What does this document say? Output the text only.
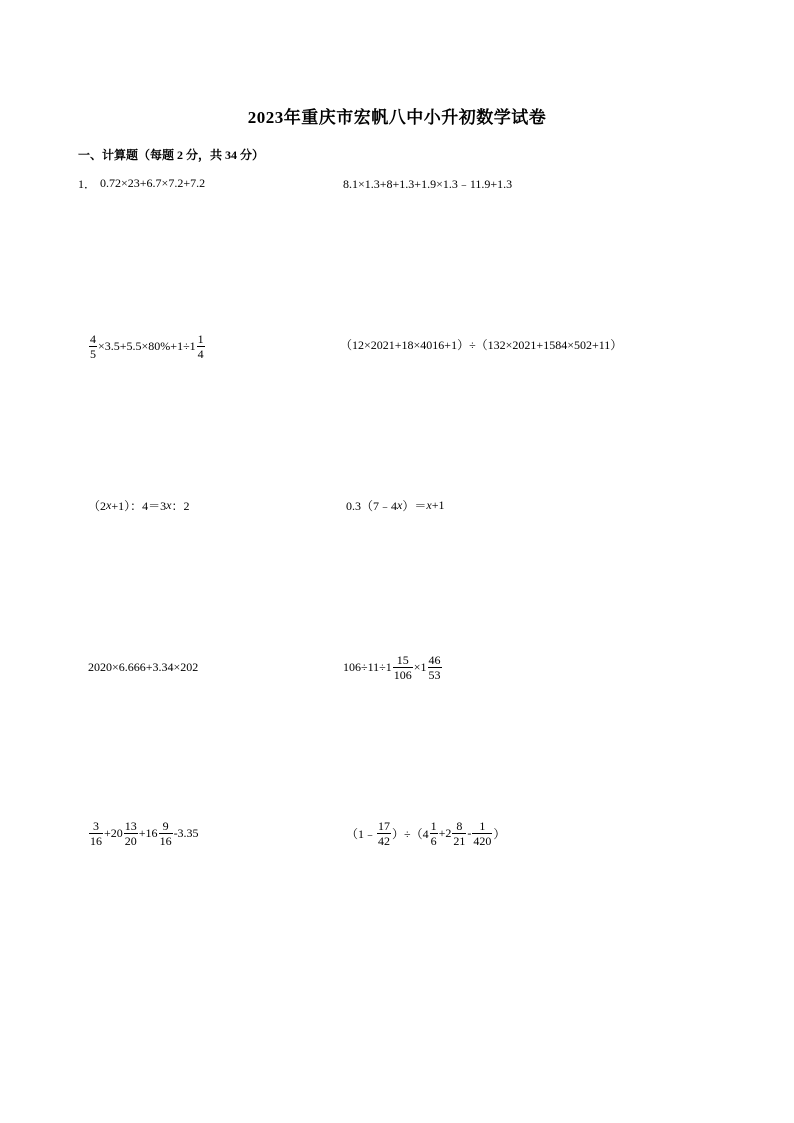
2023年重庆市宏帆八中小升初数学试卷
一、计算题（每题 2 分，共 34 分）
1． 0.72×23+6.7×7.2+7.2	8.1×1.3+8+1.3+1.9×1.3﹣11.9+1.3
$\frac{4}{5} \times 3.5+5.5\times 80\%+1\div 1 \frac{1}{4}$	（12×2021+18×4016+1）÷（132×2021+1584×502+11）
（2 x +1）：4＝3 x ：2	0.3（7﹣4 x ）＝ x +1
2020×6.666+3.34×202	$106\div 11\div 1 \frac{15}{106} \times 1 \frac{46}{53}$
$\frac{3}{16} +20 \frac{13}{20} +16 \frac{9}{16} -3.35$	（1﹣ $\frac{17}{42} )\div(4 \frac{1}{6} +2 \frac{8}{21} - \frac{1}{420}$ ）
